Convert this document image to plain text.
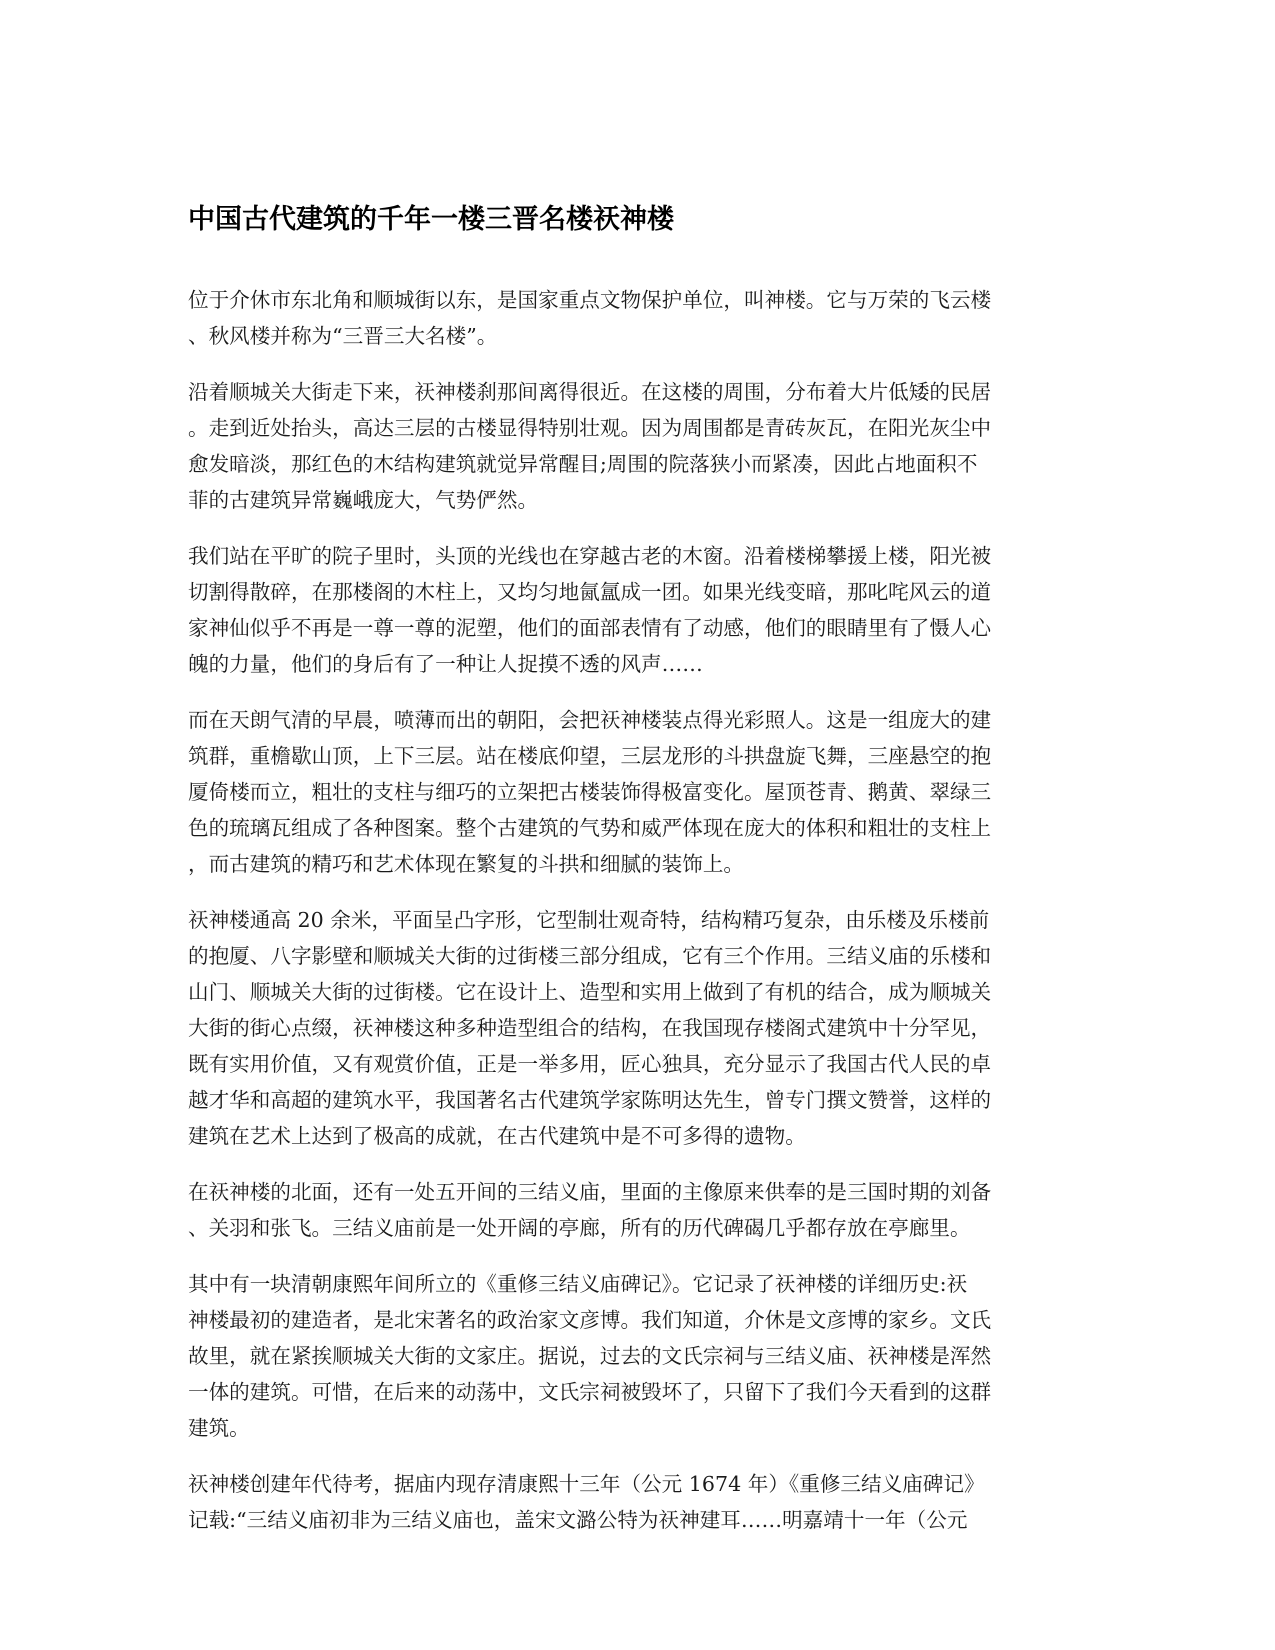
中国古代建筑的千年一楼三晋名楼祆神楼
位于介休市东北角和顺城街以东，是国家重点文物保护单位，叫神楼。它与万荣的飞云楼
、秋风楼并称为“三晋三大名楼”。
沿着顺城关大街走下来，祆神楼刹那间离得很近。在这楼的周围，分布着大片低矮的民居
。走到近处抬头，高达三层的古楼显得特别壮观。因为周围都是青砖灰瓦，在阳光灰尘中
愈发暗淡，那红色的木结构建筑就觉异常醒目;周围的院落狭小而紧凑，因此占地面积不
菲的古建筑异常巍峨庞大，气势俨然。
我们站在平旷的院子里时，头顶的光线也在穿越古老的木窗。沿着楼梯攀援上楼，阳光被
切割得散碎，在那楼阁的木柱上，又均匀地氤氲成一团。如果光线变暗，那叱咤风云的道
家神仙似乎不再是一尊一尊的泥塑，他们的面部表情有了动感，他们的眼睛里有了慑人心
魄的力量，他们的身后有了一种让人捉摸不透的风声……
而在天朗气清的早晨，喷薄而出的朝阳，会把祆神楼装点得光彩照人。这是一组庞大的建
筑群，重檐歇山顶，上下三层。站在楼底仰望，三层龙形的斗拱盘旋飞舞，三座悬空的抱
厦倚楼而立，粗壮的支柱与细巧的立架把古楼装饰得极富变化。屋顶苍青、鹅黄、翠绿三
色的琉璃瓦组成了各种图案。整个古建筑的气势和威严体现在庞大的体积和粗壮的支柱上
，而古建筑的精巧和艺术体现在繁复的斗拱和细腻的装饰上。
祆神楼通高 20 余米，平面呈凸字形，它型制壮观奇特，结构精巧复杂，由乐楼及乐楼前
的抱厦、八字影壁和顺城关大街的过街楼三部分组成，它有三个作用。三结义庙的乐楼和
山门、顺城关大街的过街楼。它在设计上、造型和实用上做到了有机的结合，成为顺城关
大街的街心点缀，祆神楼这种多种造型组合的结构，在我国现存楼阁式建筑中十分罕见，
既有实用价值，又有观赏价值，正是一举多用，匠心独具，充分显示了我国古代人民的卓
越才华和高超的建筑水平，我国著名古代建筑学家陈明达先生，曾专门撰文赞誉，这样的
建筑在艺术上达到了极高的成就，在古代建筑中是不可多得的遗物。
在祆神楼的北面，还有一处五开间的三结义庙，里面的主像原来供奉的是三国时期的刘备
、关羽和张飞。三结义庙前是一处开阔的亭廊，所有的历代碑碣几乎都存放在亭廊里。
其中有一块清朝康熙年间所立的《重修三结义庙碑记》。它记录了祆神楼的详细历史:祆
神楼最初的建造者，是北宋著名的政治家文彦博。我们知道，介休是文彦博的家乡。文氏
故里，就在紧挨顺城关大街的文家庄。据说，过去的文氏宗祠与三结义庙、祆神楼是浑然
一体的建筑。可惜，在后来的动荡中，文氏宗祠被毁坏了，只留下了我们今天看到的这群
建筑。
祆神楼创建年代待考，据庙内现存清康熙十三年（公元 1674 年）《重修三结义庙碑记》
记载:“三结义庙初非为三结义庙也，盖宋文潞公特为祆神建耳……明嘉靖十一年（公元
